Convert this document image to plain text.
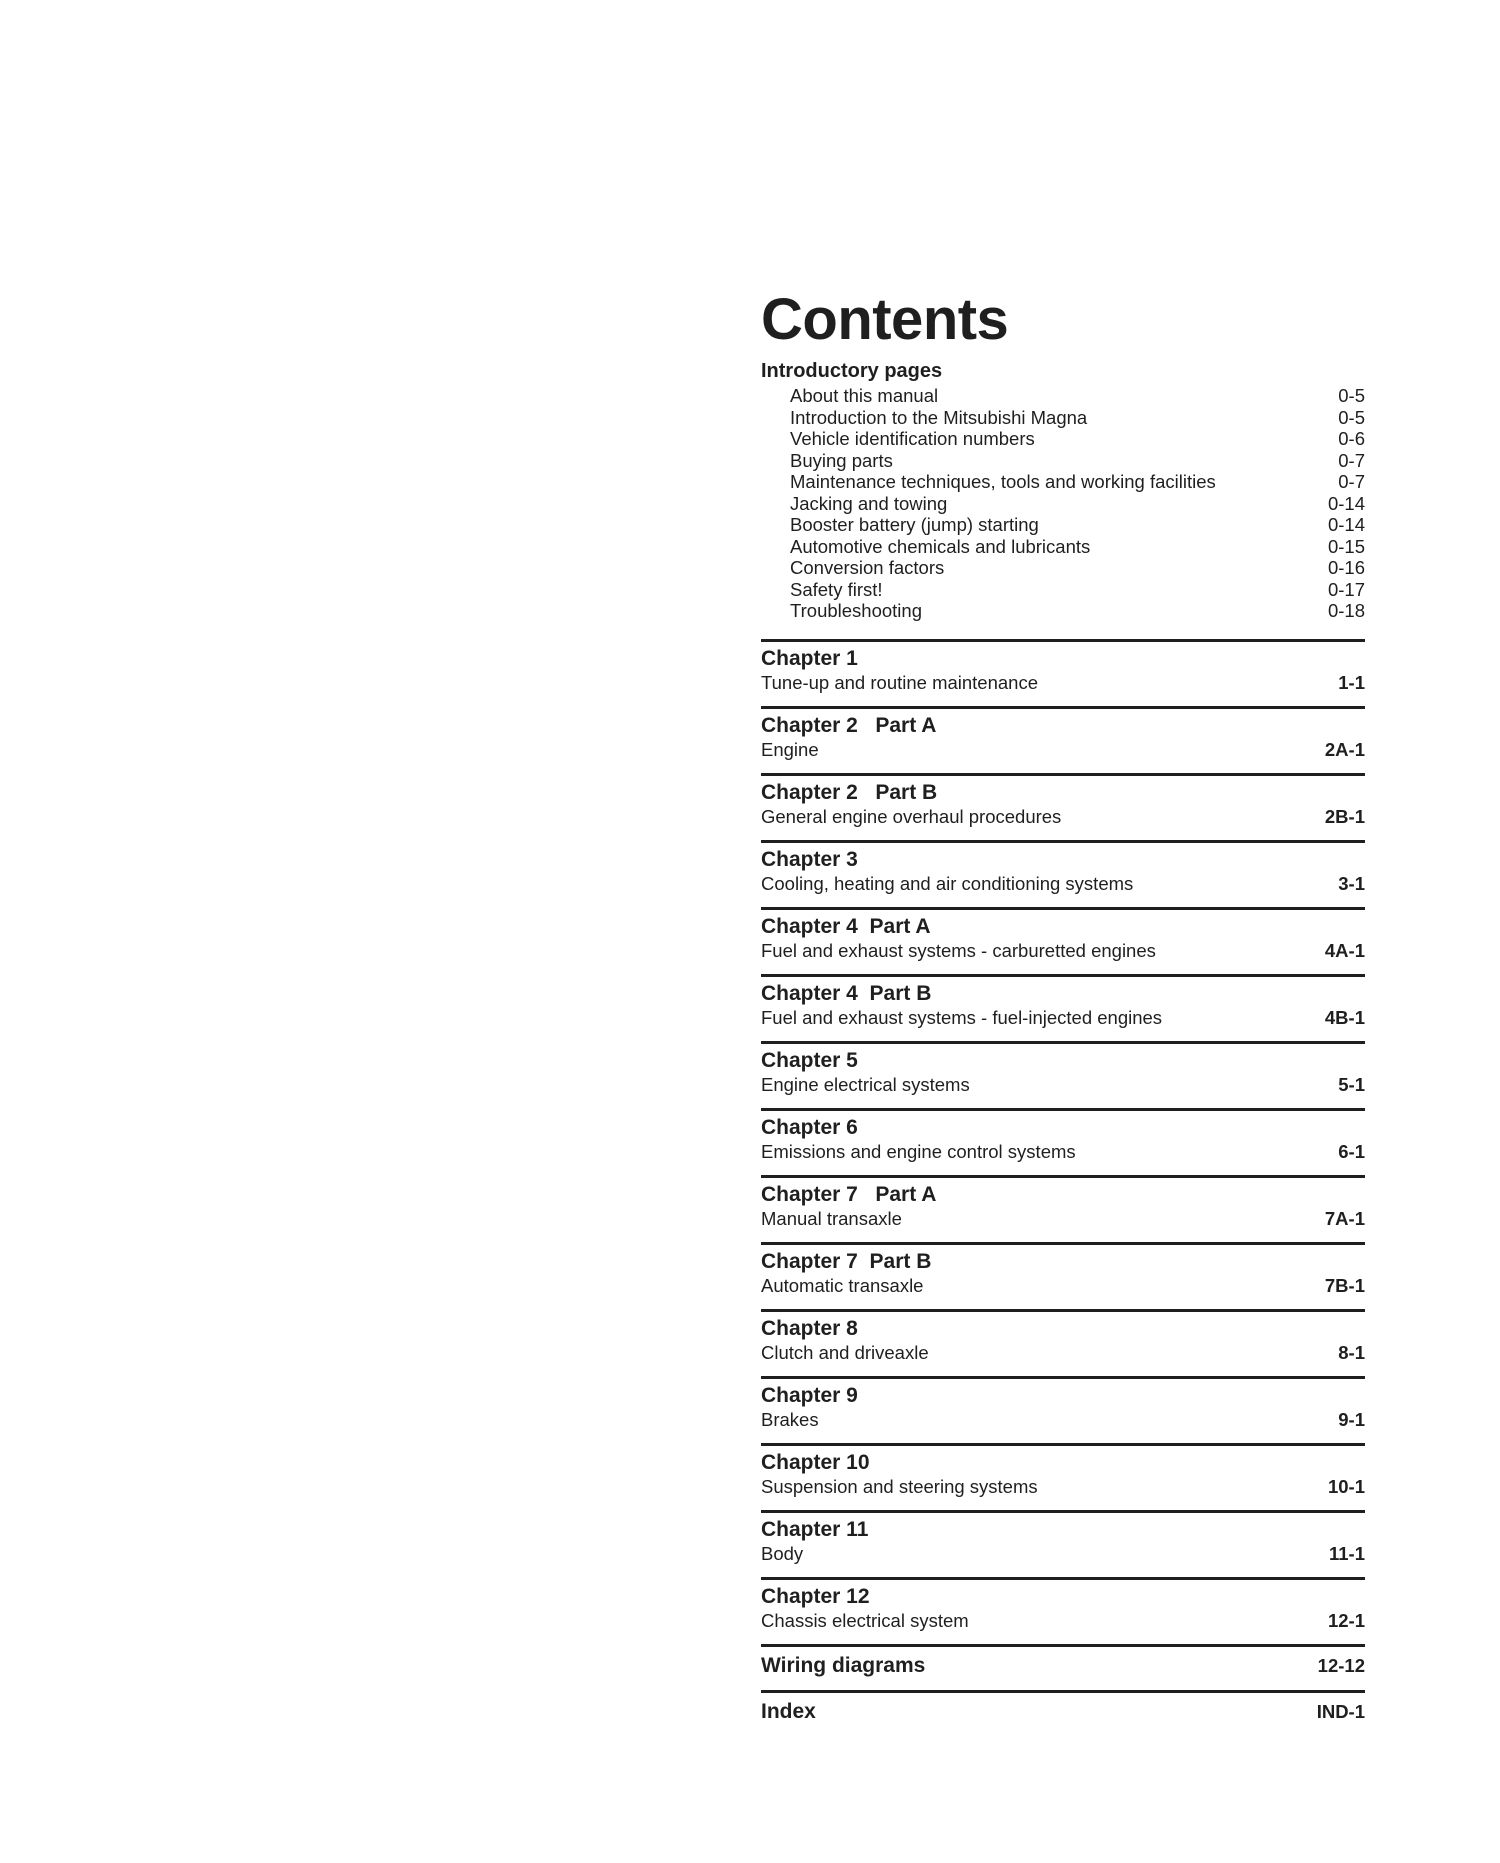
Contents
Introductory pages
About this manual	0-5
Introduction to the Mitsubishi Magna	0-5
Vehicle identification numbers	0-6
Buying parts	0-7
Maintenance techniques, tools and working facilities	0-7
Jacking and towing	0-14
Booster battery (jump) starting	0-14
Automotive chemicals and lubricants	0-15
Conversion factors	0-16
Safety first!	0-17
Troubleshooting	0-18
Chapter 1
Tune-up and routine maintenance	1-1
Chapter 2   Part A
Engine	2A-1
Chapter 2   Part B
General engine overhaul procedures	2B-1
Chapter 3
Cooling, heating and air conditioning systems	3-1
Chapter 4  Part A
Fuel and exhaust systems - carburetted engines	4A-1
Chapter 4  Part B
Fuel and exhaust systems - fuel-injected engines	4B-1
Chapter 5
Engine electrical systems	5-1
Chapter 6
Emissions and engine control systems	6-1
Chapter 7   Part A
Manual transaxle	7A-1
Chapter 7  Part B
Automatic transaxle	7B-1
Chapter 8
Clutch and driveaxle	8-1
Chapter 9
Brakes	9-1
Chapter 10
Suspension and steering systems	10-1
Chapter 11
Body	11-1
Chapter 12
Chassis electrical system	12-1
Wiring diagrams	12-12
Index	IND-1
